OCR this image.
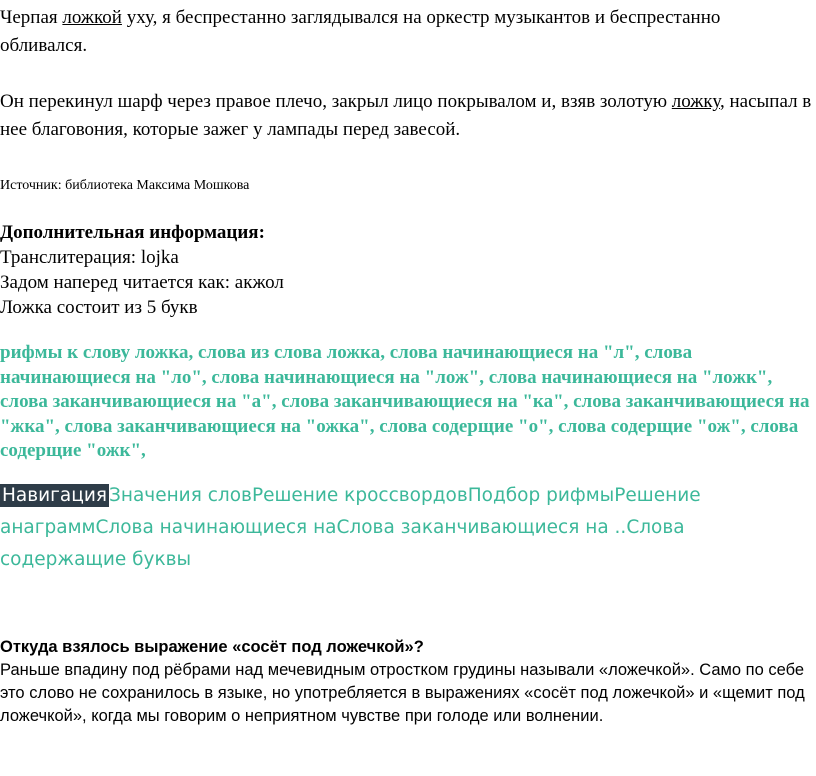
Черпая ложкой уху, я беспрестанно заглядывался на оркестр музыкантов и беспрестанно обливался.

Он перекинул шарф через правое плечо, закрыл лицо покрывалом и, взяв золотую ложку, насыпал в нее благовония, которые зажег у лампады перед завесой.

Источник: библиотека Максима Мошкова

Дополнительная информация:
Транслитерация: lojka
Задом наперед читается как: акжол
Ложка состоит из 5 букв

рифмы к слову ложка, слова из слова ложка, слова начинающиеся на "л", слова начинающиеся на "ло", слова начинающиеся на "лож", слова начинающиеся на "ложк", слова заканчивающиеся на "а", слова заканчивающиеся на "ка", слова заканчивающиеся на "жка", слова заканчивающиеся на "ожка", слова содерщие "о", слова содерщие "ож", слова содерщие "ожк",

Навигация Значения словРешение кроссвордовПодбор рифмыРешение анаграммСлова начинающиеся наСлова заканчивающиеся на ..Слова содержащие буквы
Откуда взялось выражение «сосёт под ложечкой»?
Раньше впадину под рёбрами над мечевидным отростком грудины называли «ложечкой». Само по себе это слово не сохранилось в языке, но употребляется в выражениях «сосёт под ложечкой» и «щемит под ложечкой», когда мы говорим о неприятном чувстве при голоде или волнении.
